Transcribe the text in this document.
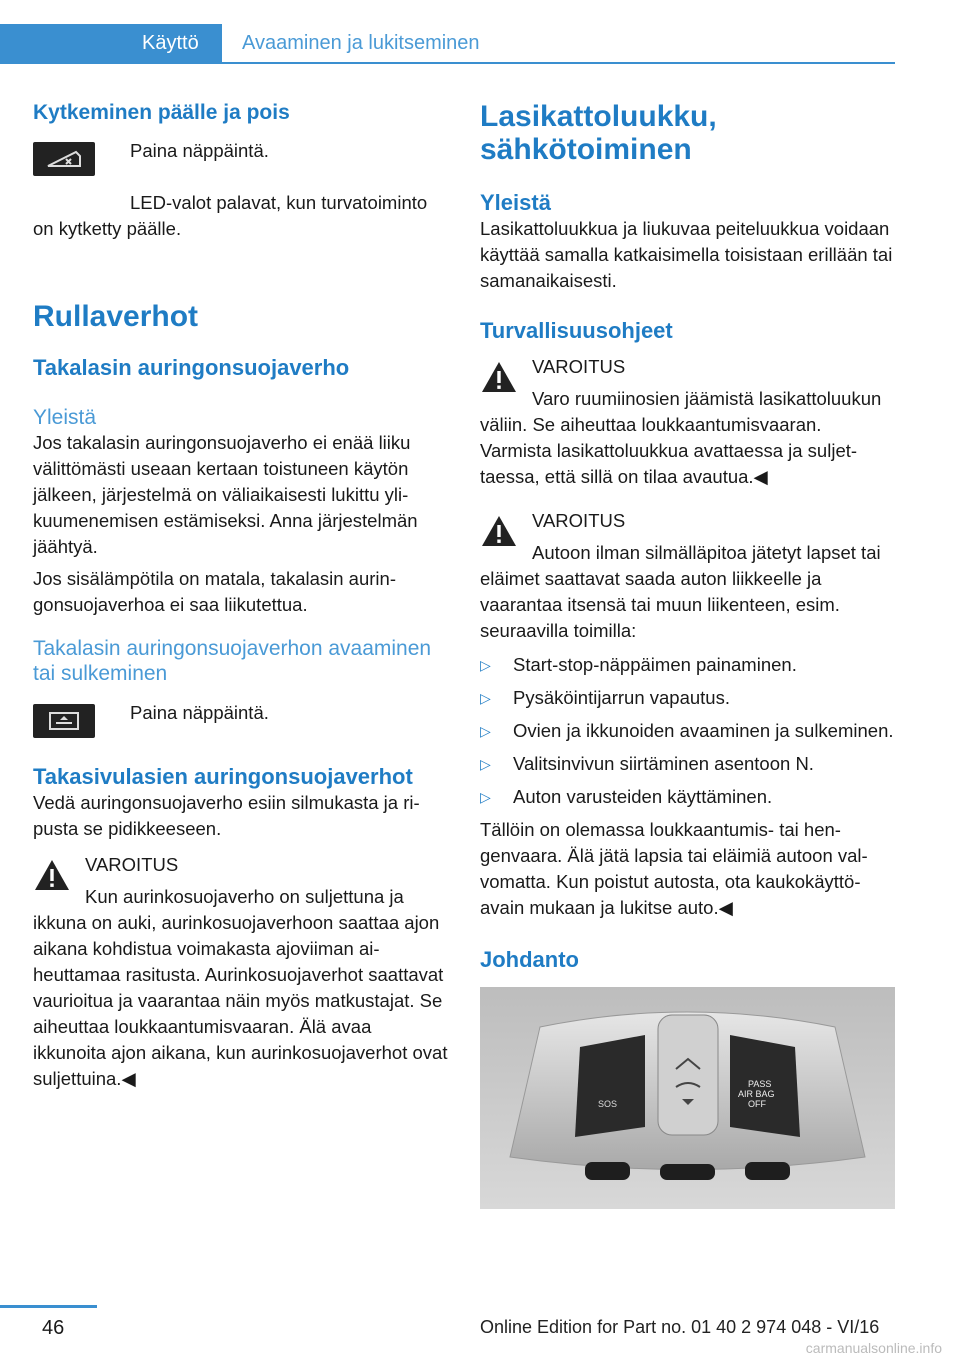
Käyttö Avaaminen ja lukitseminen

Kytkeminen päälle ja pois

Paina näppäintä.

LED-valot palavat, kun turvatoiminto on kytketty päälle.

Rullaverhot

Takalasin auringonsuojaverho

Yleistä

Jos takalasin auringonsuojaverho ei enää liiku välittömästi useaan kertaan toistuneen käytön jälkeen, järjestelmä on väliaikaisesti lukittu ylikuumenemisen estämiseksi. Anna järjestelmän jäähtyä.

Jos sisälämpötila on matala, takalasin auringonsuojaverhoa ei saa liikutettua.

Takalasin auringonsuojaverhon avaaminen tai sulkeminen

Paina näppäintä.

Takasivulasien auringonsuojaverhot

Vedä auringonsuojaverho esiin silmukasta ja ripusta se pidikkeeseen.

VAROITUS

Kun aurinkosuojaverho on suljettuna ja ikkuna on auki, aurinkosuojaverhoon saattaa ajon aikana kohdistua voimakasta ajoviiman aiheuttamaa rasitusta. Aurinkosuojaverhot saattavat vaurioitua ja vaarantaa näin myös matkustajat. Se aiheuttaa loukkaantumisvaaran. Älä avaa ikkunoita ajon aikana, kun aurinkosuojaverhot ovat suljettuina.◀

Lasikattoluukku, sähkötoiminen

Yleistä

Lasikattoluukkua ja liukuvaa peiteluukkua voidaan käyttää samalla katkaisimella toisistaan erillään tai samanaikaisesti.

Turvallisuusohjeet

VAROITUS

Varo ruumiinosien jäämistä lasikattoluukun väliin. Se aiheuttaa loukkaantumisvaaran. Varmista lasikattoluukkua avattaessa ja suljettaessa, että sillä on tilaa avautua.◀

VAROITUS

Autoon ilman silmälläpitoa jätetyt lapset tai eläimet saattavat saada auton liikkeelle ja vaarantaa itsensä tai muun liikenteen, esim. seuraavilla toimilla:

▷ Start-stop-näppäimen painaminen.
▷ Pysäköintijarrun vapautus.
▷ Ovien ja ikkunoiden avaaminen ja sulkeminen.
▷ Valitsinvivun siirtäminen asentoon N.
▷ Auton varusteiden käyttäminen.

Tällöin on olemassa loukkaantumis- tai hengenvaara. Älä jätä lapsia tai eläimiä autoon valvomatta. Kun poistut autosta, ota kaukokäyttöavain mukaan ja lukitse auto.◀

Johdanto

SOS
PASS
AIR BAG
OFF
46	Online Edition for Part no. 01 40 2 974 048 - VI/16
carmanualsonline.info
